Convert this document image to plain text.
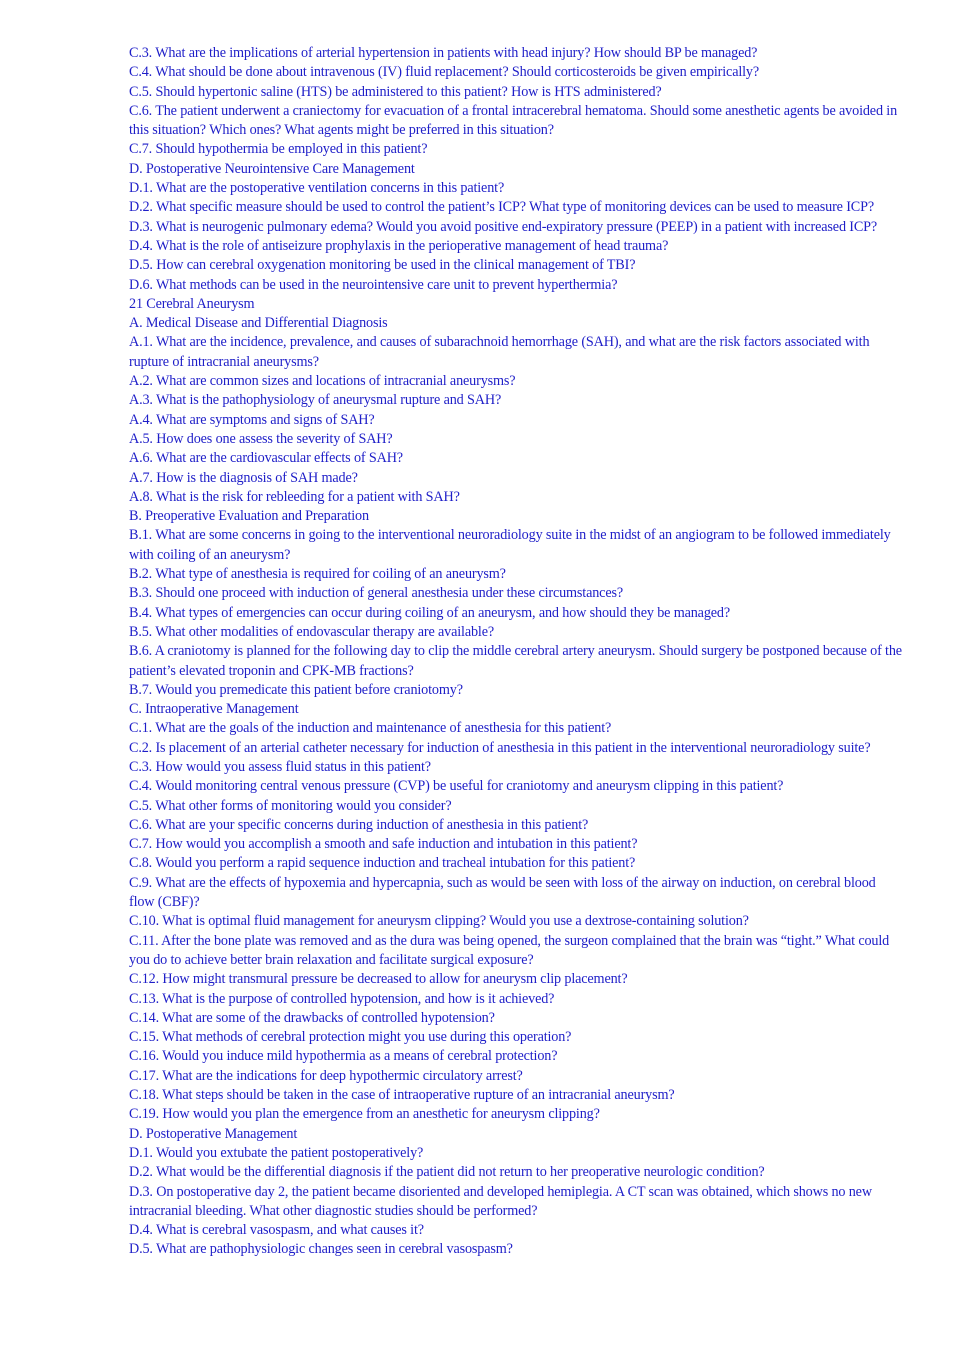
C.3. What are the implications of arterial hypertension in patients with head injury? How should BP be managed?

C.4. What should be done about intravenous (IV) fluid replacement? Should corticosteroids be given empirically?

C.5. Should hypertonic saline (HTS) be administered to this patient? How is HTS administered?

C.6. The patient underwent a craniectomy for evacuation of a frontal intracerebral hematoma. Should some anesthetic agents be avoided in this situation? Which ones? What agents might be preferred in this situation?

C.7. Should hypothermia be employed in this patient?

D. Postoperative Neurointensive Care Management

D.1. What are the postoperative ventilation concerns in this patient?

D.2. What specific measure should be used to control the patient’s ICP? What type of monitoring devices can be used to measure ICP?

D.3. What is neurogenic pulmonary edema? Would you avoid positive end-expiratory pressure (PEEP) in a patient with increased ICP?

D.4. What is the role of antiseizure prophylaxis in the perioperative management of head trauma?

D.5. How can cerebral oxygenation monitoring be used in the clinical management of TBI?

D.6. What methods can be used in the neurointensive care unit to prevent hyperthermia?

21 Cerebral Aneurysm

A. Medical Disease and Differential Diagnosis

A.1. What are the incidence, prevalence, and causes of subarachnoid hemorrhage (SAH), and what are the risk factors associated with rupture of intracranial aneurysms?

A.2. What are common sizes and locations of intracranial aneurysms?

A.3. What is the pathophysiology of aneurysmal rupture and SAH?

A.4. What are symptoms and signs of SAH?

A.5. How does one assess the severity of SAH?

A.6. What are the cardiovascular effects of SAH?

A.7. How is the diagnosis of SAH made?

A.8. What is the risk for rebleeding for a patient with SAH?

B. Preoperative Evaluation and Preparation

B.1. What are some concerns in going to the interventional neuroradiology suite in the midst of an angiogram to be followed immediately with coiling of an aneurysm?

B.2. What type of anesthesia is required for coiling of an aneurysm?

B.3. Should one proceed with induction of general anesthesia under these circumstances?

B.4. What types of emergencies can occur during coiling of an aneurysm, and how should they be managed?

B.5. What other modalities of endovascular therapy are available?

B.6. A craniotomy is planned for the following day to clip the middle cerebral artery aneurysm. Should surgery be postponed because of the patient’s elevated troponin and CPK-MB fractions?

B.7. Would you premedicate this patient before craniotomy?

C. Intraoperative Management

C.1. What are the goals of the induction and maintenance of anesthesia for this patient?

C.2. Is placement of an arterial catheter necessary for induction of anesthesia in this patient in the interventional neuroradiology suite?

C.3. How would you assess fluid status in this patient?

C.4. Would monitoring central venous pressure (CVP) be useful for craniotomy and aneurysm clipping in this patient?

C.5. What other forms of monitoring would you consider?

C.6. What are your specific concerns during induction of anesthesia in this patient?

C.7. How would you accomplish a smooth and safe induction and intubation in this patient?

C.8. Would you perform a rapid sequence induction and tracheal intubation for this patient?

C.9. What are the effects of hypoxemia and hypercapnia, such as would be seen with loss of the airway on induction, on cerebral blood flow (CBF)?

C.10. What is optimal fluid management for aneurysm clipping? Would you use a dextrose-containing solution?

C.11. After the bone plate was removed and as the dura was being opened, the surgeon complained that the brain was “tight.” What could you do to achieve better brain relaxation and facilitate surgical exposure?

C.12. How might transmural pressure be decreased to allow for aneurysm clip placement?

C.13. What is the purpose of controlled hypotension, and how is it achieved?

C.14. What are some of the drawbacks of controlled hypotension?

C.15. What methods of cerebral protection might you use during this operation?

C.16. Would you induce mild hypothermia as a means of cerebral protection?

C.17. What are the indications for deep hypothermic circulatory arrest?

C.18. What steps should be taken in the case of intraoperative rupture of an intracranial aneurysm?

C.19. How would you plan the emergence from an anesthetic for aneurysm clipping?

D. Postoperative Management

D.1. Would you extubate the patient postoperatively?

D.2. What would be the differential diagnosis if the patient did not return to her preoperative neurologic condition?

D.3. On postoperative day 2, the patient became disoriented and developed hemiplegia. A CT scan was obtained, which shows no new intracranial bleeding. What other diagnostic studies should be performed?

D.4. What is cerebral vasospasm, and what causes it?

D.5. What are pathophysiologic changes seen in cerebral vasospasm?
